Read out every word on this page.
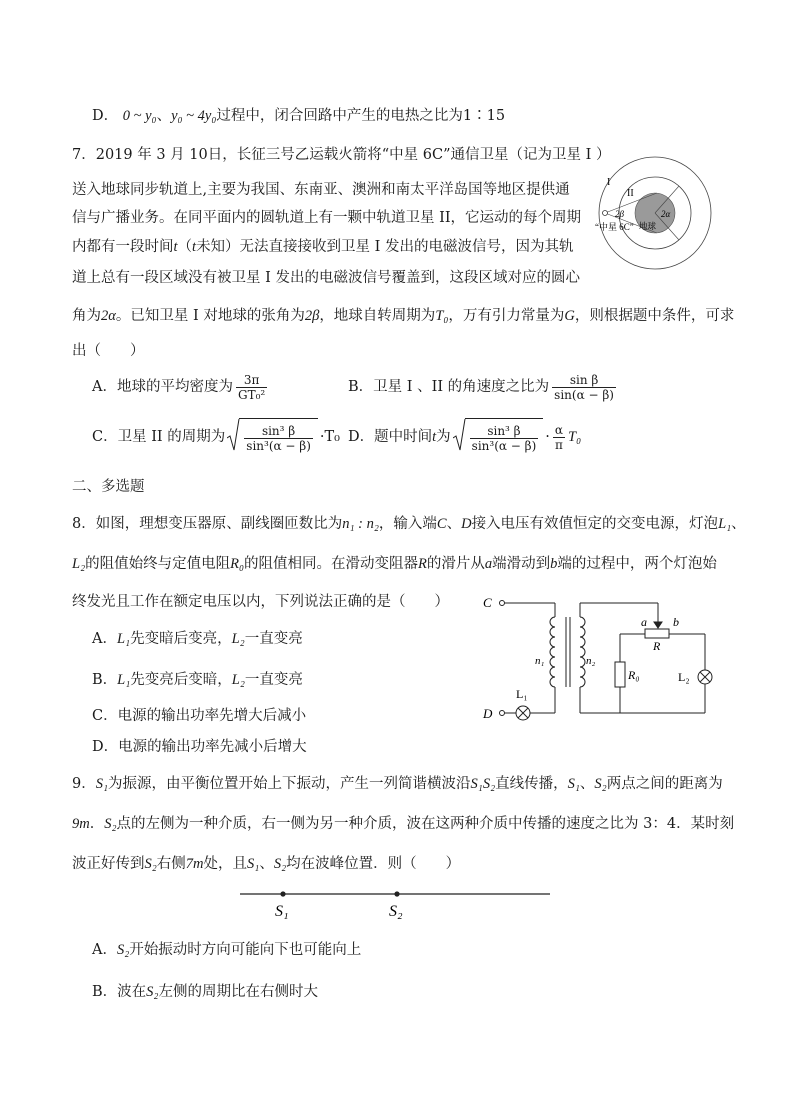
D． 0 ~ y₀、y₀ ~ 4y₀过程中，闭合回路中产生的电热之比为1∶15
7．2019 年 3 月 10日，长征三号乙运载火箭将“中星 6C”通信卫星（记为卫星 I ）
送入地球同步轨道上,主要为我国、东南亚、澳洲和南太平洋岛国等地区提供通
信与广播业务。在同平面内的圆轨道上有一颗中轨道卫星 II，它运动的每个周期
内都有一段时间t（t未知）无法直接接收到卫星 I 发出的电磁波信号，因为其轨
道上总有一段区域没有被卫星 I 发出的电磁波信号覆盖到，这段区域对应的圆心
角为2α。已知卫星 I 对地球的张角为2β，地球自转周期为T₀，万有引力常量为G，则根据题中条件，可求
出（　　）
A．地球的平均密度为 $\frac{3\pi}{\text{GT₀²}}$	B．卫星 I 、II 的角速度之比为 $\frac{\text{sin β}}{\sin(\alpha - \beta)}$
C．卫星 II 的周期为 $\frac{\text{sin³ β}}{\text{sin³(α − β)}} \cdot T_0$ D．题中时间t为 $\frac{\text{sin³ β}}{\text{sin³(α − β)}} \cdot \frac{\alpha}{\pi} T_0$
I
II
2β	2α
“中星 6C” 地球
二、多选题
8．如图，理想变压器原、副线圈匝数比为n₁ : n₂，输入端C、D接入电压有效值恒定的交变电源，灯泡L₁、
L₂的阻值始终与定值电阻R₀的阻值相同。在滑动变阻器R的滑片从a端滑动到b端的过程中，两个灯泡始
终发光且工作在额定电压以内，下列说法正确的是（　　）
A．L₁先变暗后变亮，L₂一直变亮
B．L₁先变亮后变暗，L₂一直变亮
C．电源的输出功率先增大后减小
D．电源的输出功率先减小后增大
C
D
a b
R
R₀
n₁	n₂
L₁
L₂
9．S₁为振源，由平衡位置开始上下振动，产生一列简谐横波沿S₁S₂直线传播，S₁、S₂两点之间的距离为
9m．S₂点的左侧为一种介质，右一侧为另一种介质，波在这两种介质中传播的速度之比为 3：4．某时刻
波正好传到S₂右侧7m处，且S₁、S₂均在波峰位置．则（　　）
S₁	S₂
A．S₂开始振动时方向可能向下也可能向上
B．波在S₂左侧的周期比在右侧时大
